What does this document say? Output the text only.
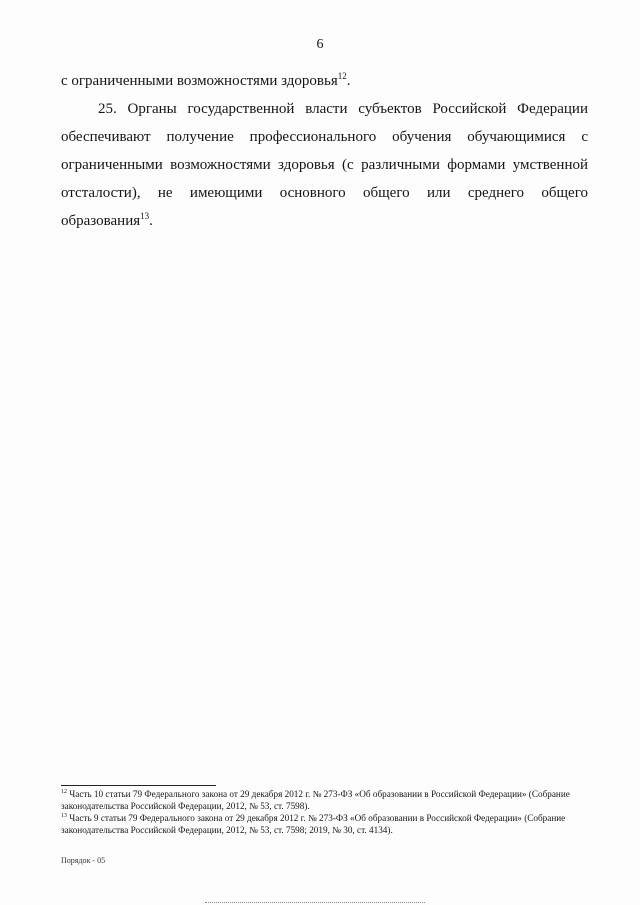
6

с ограниченными возможностями здоровья$^{12}$.

25. Органы государственной власти субъектов Российской Федерации обеспечивают получение профессионального обучения обучающимися с ограниченными возможностями здоровья (с различными формами умственной отсталости), не имеющими основного общего или среднего общего образования$^{13}$.

$^{12}$ Часть 10 статьи 79 Федерального закона от 29 декабря 2012 г. № 273-ФЗ «Об образовании в Российской Федерации» (Собрание законодательства Российской Федерации, 2012, № 53, ст. 7598).

$^{13}$ Часть 9 статьи 79 Федерального закона от 29 декабря 2012 г. № 273-ФЗ «Об образовании в Российской Федерации» (Собрание законодательства Российской Федерации, 2012, № 53, ст. 7598; 2019, № 30, ст. 4134).

Порядок - 05
